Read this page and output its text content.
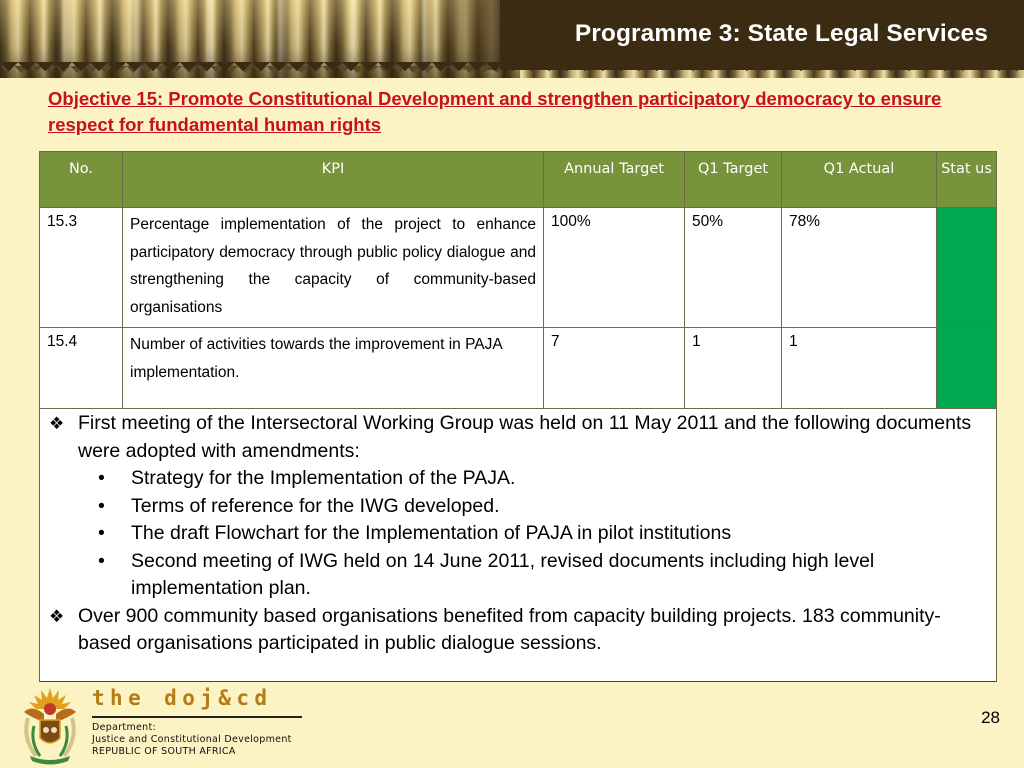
Programme 3: State Legal Services
Objective 15: Promote Constitutional Development and strengthen participatory democracy to ensure respect for fundamental human rights
No.	KPI	Annual Target	Q1 Target	Q1 Actual	Stat us
15.3	Percentage implementation of the project to enhance participatory democracy through public policy dialogue and strengthening the capacity of community-based organisations	100%	50%	78%	
15.4	Number of activities towards the improvement in PAJA implementation.	7	1	1	
❖ First meeting of the Intersectoral Working Group was held on 11 May 2011 and the following documents were adopted with amendments:
• Strategy for the Implementation of the PAJA.
• Terms of reference for the IWG developed.
• The draft Flowchart for the Implementation of PAJA in pilot institutions
• Second meeting of IWG held on 14 June 2011, revised documents including high level implementation plan.
❖ Over 900 community based organisations benefited from capacity building projects. 183 community-based organisations participated in public dialogue sessions.
the doj&cd
Department:
Justice and Constitutional Development
REPUBLIC OF SOUTH AFRICA
28
